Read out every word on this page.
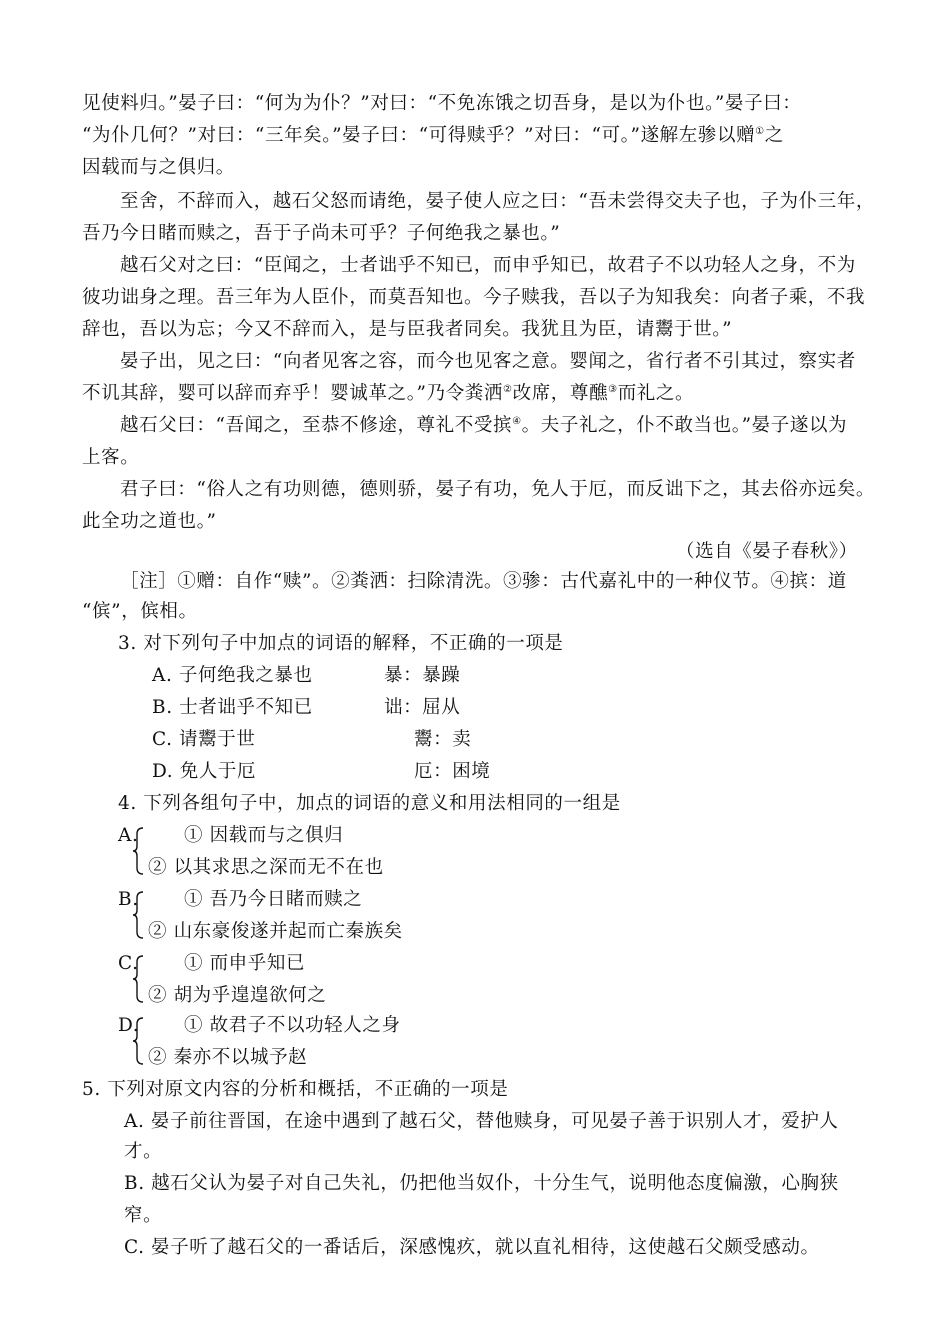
见使料归。”晏子曰：“何为为仆？”对曰：“不免冻饿之切吾身，是以为仆也。”晏子曰：
“为仆几何？”对曰：“三年矣。”晏子曰：“可得赎乎？”对曰：“可。”遂解左骖以赠①之
因载而与之俱归。
至舍，不辞而入，越石父怒而请绝，晏子使人应之曰：“吾未尝得交夫子也，子为仆三年，
吾乃今日睹而赎之，吾于子尚未可乎？子何绝我之暴也。”
越石父对之曰：“臣闻之，士者诎乎不知已，而申乎知已，故君子不以功轻人之身，不为
彼功诎身之理。吾三年为人臣仆，而莫吾知也。今子赎我，吾以子为知我矣：向者子乘，不我
辞也，吾以为忘；今又不辞而入，是与臣我者同矣。我犹且为臣，请鬻于世。”
晏子出，见之曰：“向者见客之容，而今也见客之意。婴闻之，省行者不引其过，察实者
不讥其辞，婴可以辞而弃乎！婴诚革之。”乃令粪洒②改席，尊醮③而礼之。
越石父曰：“吾闻之，至恭不修途，尊礼不受摈④。夫子礼之，仆不敢当也。”晏子遂以为
上客。
君子曰：“俗人之有功则德，德则骄，晏子有功，免人于厄，而反诎下之，其去俗亦远矣。
此全功之道也。”
（选自《晏子春秋》）
［注］①赠：自作“赎”。②粪洒：扫除清洗。③骖：古代嘉礼中的一种仪节。④摈：道
“傧”，傧相。
3. 对下列句子中加点的词语的解释，不正确的一项是
A. 子何绝我之暴也	暴：暴躁
B. 士者诎乎不知已	诎：屈从
C. 请鬻于世	鬻：卖
D. 免人于厄	厄：困境
4. 下列各组句子中，加点的词语的意义和用法相同的一组是
A. ① 因载而与之俱归
② 以其求思之深而无不在也
B. ① 吾乃今日睹而赎之
② 山东豪俊遂并起而亡秦族矣
C. ① 而申乎知已
② 胡为乎遑遑欲何之
D. ① 故君子不以功轻人之身
② 秦亦不以城予赵
5. 下列对原文内容的分析和概括，不正确的一项是
A. 晏子前往晋国，在途中遇到了越石父，替他赎身，可见晏子善于识别人才，爱护人
才。
B. 越石父认为晏子对自己失礼，仍把他当奴仆，十分生气，说明他态度偏激，心胸狭
窄。
C. 晏子听了越石父的一番话后，深感愧疚，就以直礼相待，这使越石父颇受感动。
